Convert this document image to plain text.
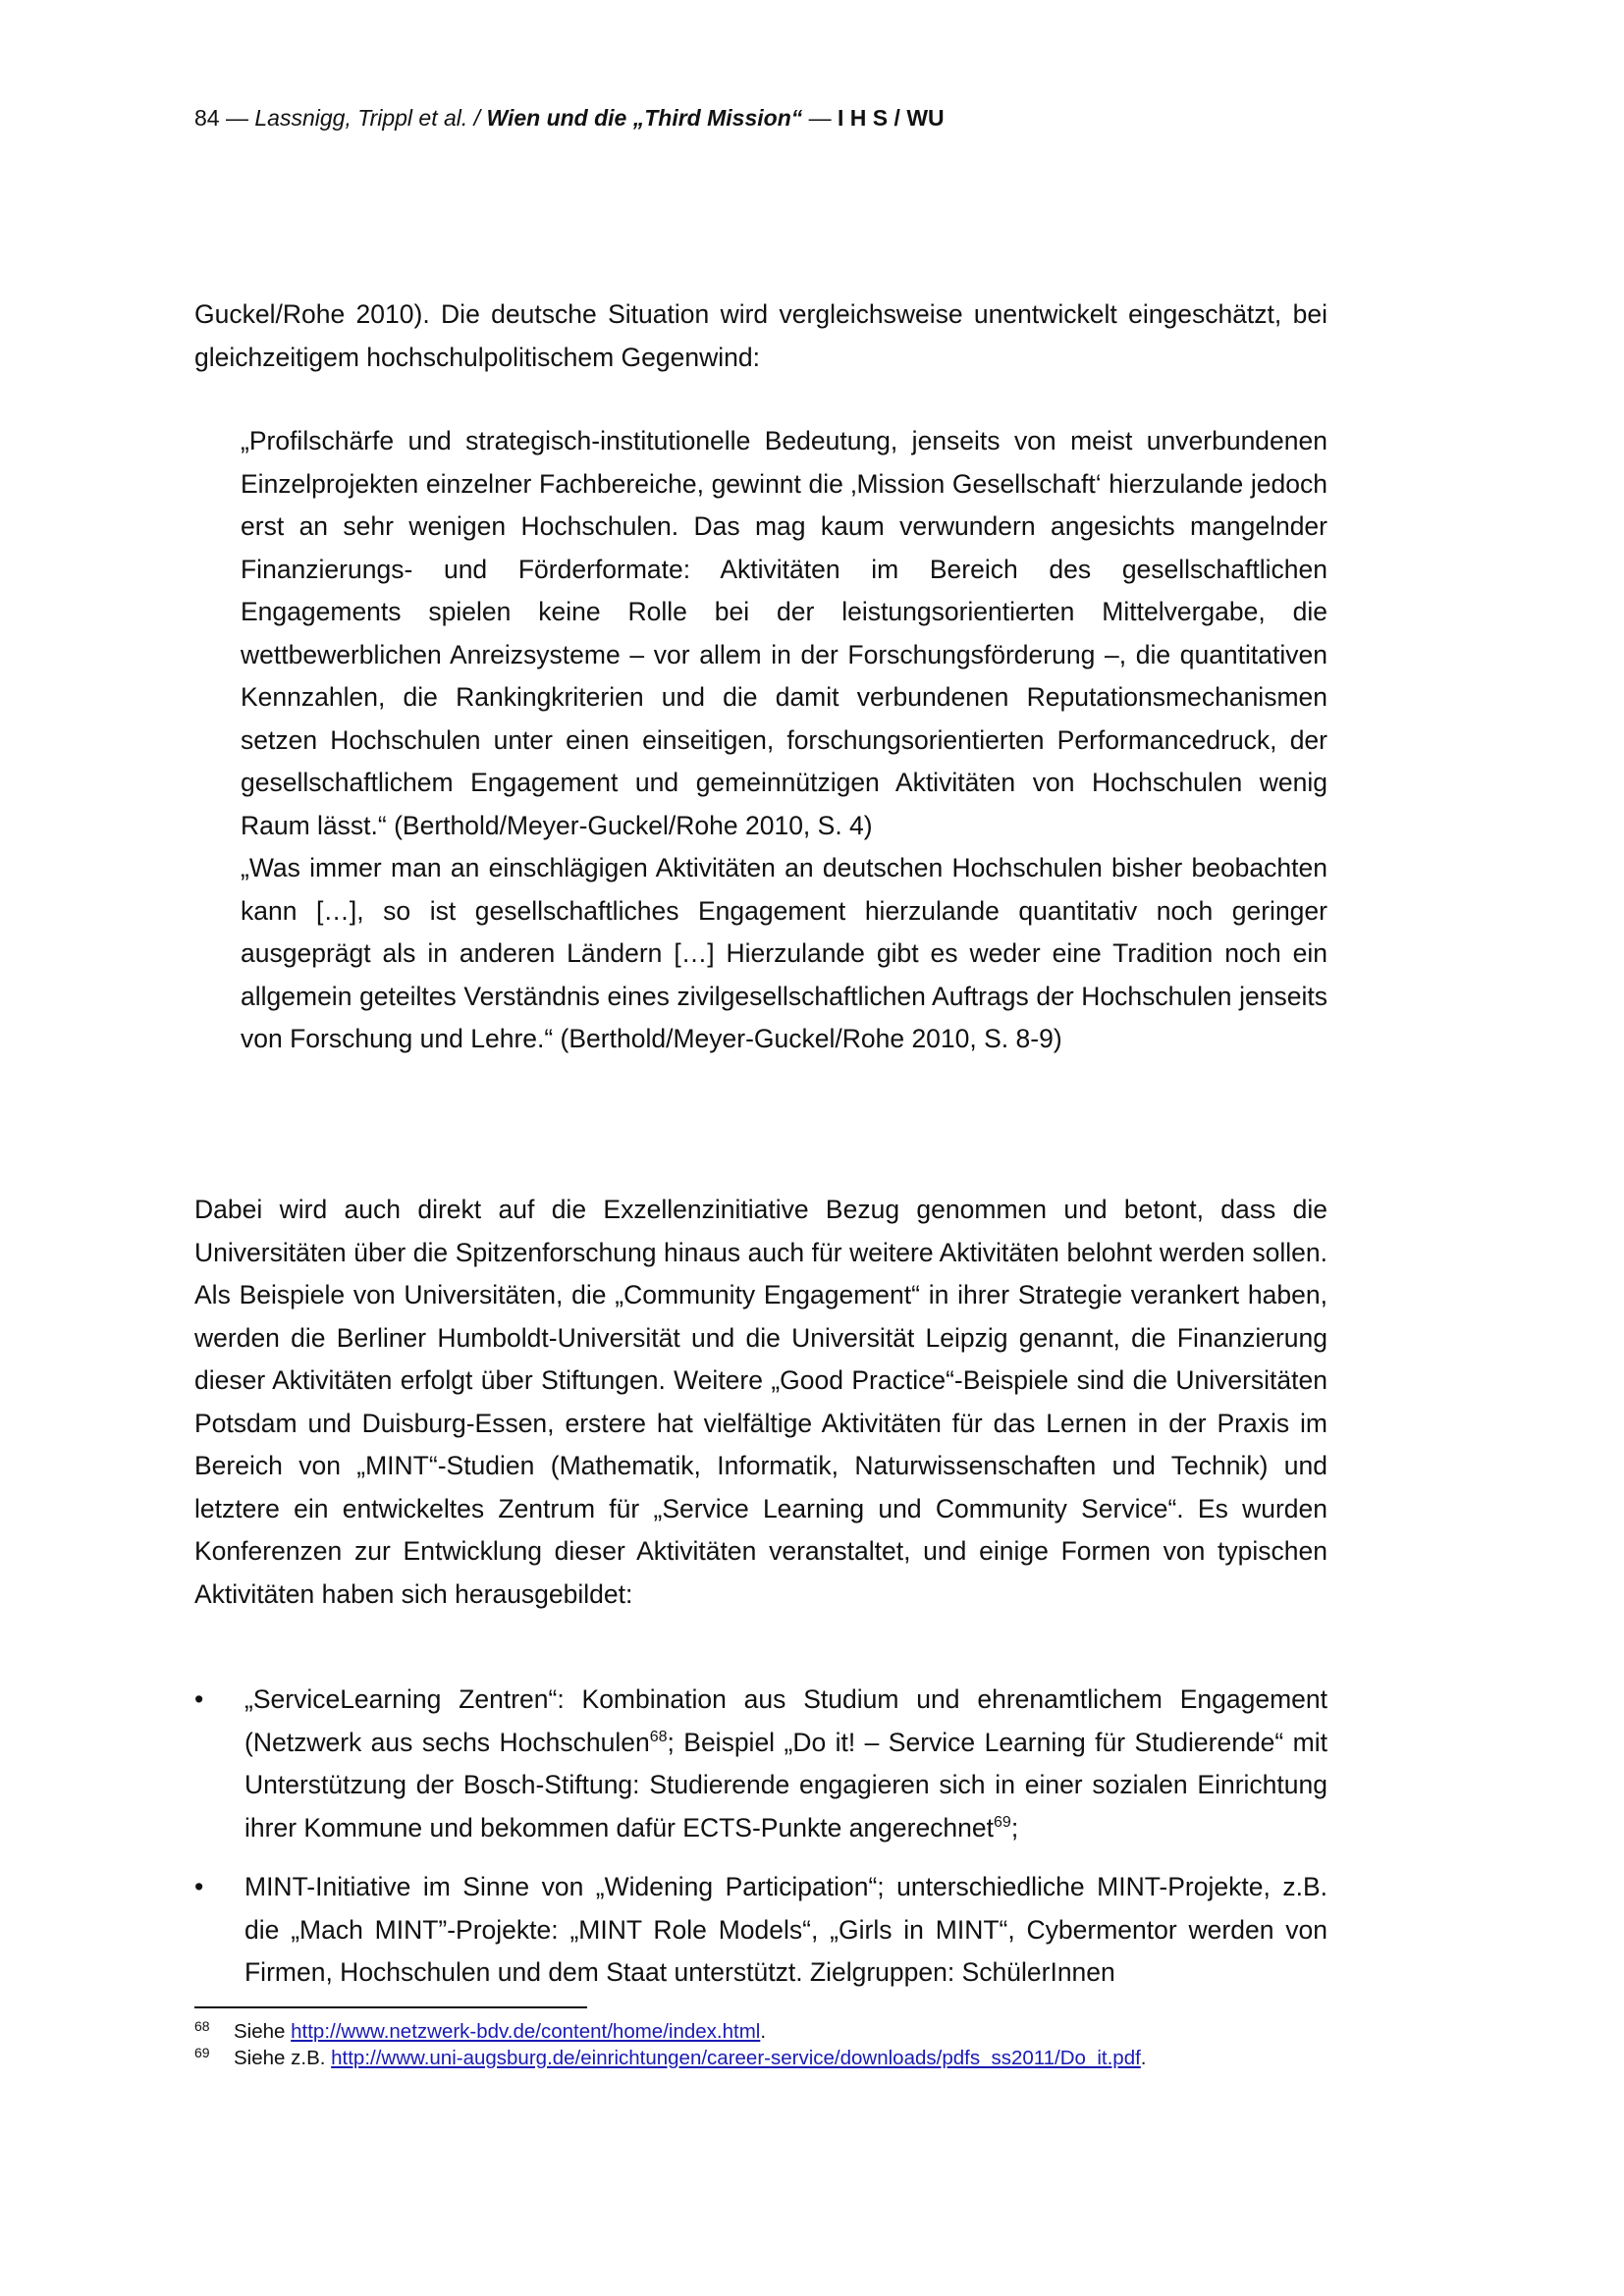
84 — Lassnigg, Trippl et al. / Wien und die „Third Mission“ — I H S / WU

Guckel/Rohe 2010). Die deutsche Situation wird vergleichsweise unentwickelt eingeschätzt, bei gleichzeitigem hochschulpolitischem Gegenwind:

„Profilschärfe und strategisch-institutionelle Bedeutung, jenseits von meist unverbundenen Einzelprojekten einzelner Fachbereiche, gewinnt die ‚Mission Gesellschaft‘ hierzulande jedoch erst an sehr wenigen Hochschulen. Das mag kaum verwundern angesichts mangelnder Finanzierungs- und Förderformate: Aktivitäten im Bereich des gesellschaftlichen Engagements spielen keine Rolle bei der leistungsorientierten Mittelvergabe, die wettbewerblichen Anreizsysteme – vor allem in der Forschungsförderung –, die quantitativen Kennzahlen, die Rankingkriterien und die damit verbundenen Reputationsmechanismen setzen Hochschulen unter einen einseitigen, forschungsorientierten Performancedruck, der gesellschaftlichem Engagement und gemeinnützigen Aktivitäten von Hochschulen wenig Raum lässt.“ (Berthold/Meyer-Guckel/Rohe 2010, S. 4)

„Was immer man an einschlägigen Aktivitäten an deutschen Hochschulen bisher beobachten kann […], so ist gesellschaftliches Engagement hierzulande quantitativ noch geringer ausgeprägt als in anderen Ländern […] Hierzulande gibt es weder eine Tradition noch ein allgemein geteiltes Verständnis eines zivilgesellschaftlichen Auftrags der Hochschulen jenseits von Forschung und Lehre.“ (Berthold/Meyer-Guckel/Rohe 2010, S. 8-9)

Dabei wird auch direkt auf die Exzellenzinitiative Bezug genommen und betont, dass die Universitäten über die Spitzenforschung hinaus auch für weitere Aktivitäten belohnt werden sollen. Als Beispiele von Universitäten, die „Community Engagement“ in ihrer Strategie verankert haben, werden die Berliner Humboldt-Universität und die Universität Leipzig genannt, die Finanzierung dieser Aktivitäten erfolgt über Stiftungen. Weitere „Good Practice“-Beispiele sind die Universitäten Potsdam und Duisburg-Essen, erstere hat vielfältige Aktivitäten für das Lernen in der Praxis im Bereich von „MINT“-Studien (Mathematik, Informatik, Naturwissenschaften und Technik) und letztere ein entwickeltes Zentrum für „Service Learning und Community Service“. Es wurden Konferenzen zur Entwicklung dieser Aktivitäten veranstaltet, und einige Formen von typischen Aktivitäten haben sich herausgebildet:

•	„ServiceLearning Zentren“: Kombination aus Studium und ehrenamtlichem Engagement (Netzwerk aus sechs Hochschulen$^{68}$; Beispiel „Do it! – Service Learning für Studierende“ mit Unterstützung der Bosch-Stiftung: Studierende engagieren sich in einer sozialen Einrichtung ihrer Kommune und bekommen dafür ECTS-Punkte angerechnet$^{69}$;
•	MINT-Initiative im Sinne von „Widening Participation“; unterschiedliche MINT-Projekte, z.B. die „Mach MINT”-Projekte: „MINT Role Models“, „Girls in MINT“, Cybermentor werden von Firmen, Hochschulen und dem Staat unterstützt. Zielgruppen: SchülerInnen
68 Siehe http://www.netzwerk-bdv.de/content/home/index.html.
69 Siehe z.B. http://www.uni-augsburg.de/einrichtungen/career-service/downloads/pdfs_ss2011/Do_it.pdf.
